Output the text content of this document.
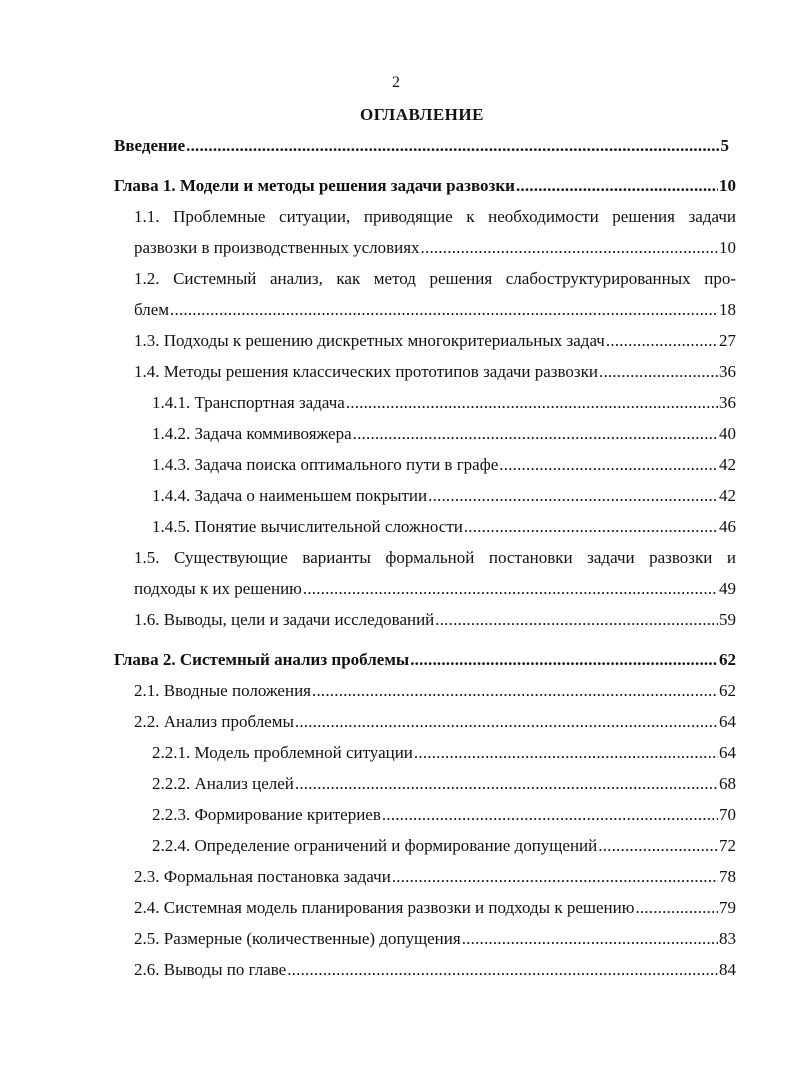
2
ОГЛАВЛЕНИЕ
Введение .....	5
Глава 1. Модели и методы решения задачи развозки .....	10
1.1. Проблемные ситуации, приводящие к необходимости решения задачи
развозки в производственных условиях .....	10
1.2. Системный анализ, как метод решения слабоструктурированных про-
блем .....	18
1.3. Подходы к решению дискретных многокритериальных задач .....	27
1.4. Методы решения классических прототипов задачи развозки .....	36
1.4.1. Транспортная задача .....	36
1.4.2. Задача коммивояжера .....	40
1.4.3. Задача поиска оптимального пути в графе .....	42
1.4.4. Задача о наименьшем покрытии .....	42
1.4.5. Понятие вычислительной сложности .....	46
1.5. Существующие варианты формальной постановки задачи развозки и
подходы к их решению .....	49
1.6. Выводы, цели и задачи исследований .....	59
Глава 2. Системный анализ проблемы .....	62
2.1. Вводные положения .....	62
2.2. Анализ проблемы .....	64
2.2.1. Модель проблемной ситуации .....	64
2.2.2. Анализ целей .....	68
2.2.3. Формирование критериев .....	70
2.2.4. Определение ограничений и формирование допущений .....	72
2.3. Формальная постановка задачи .....	78
2.4. Системная модель планирования развозки и подходы к решению .....	79
2.5. Размерные (количественные) допущения .....	83
2.6. Выводы по главе .....	84
